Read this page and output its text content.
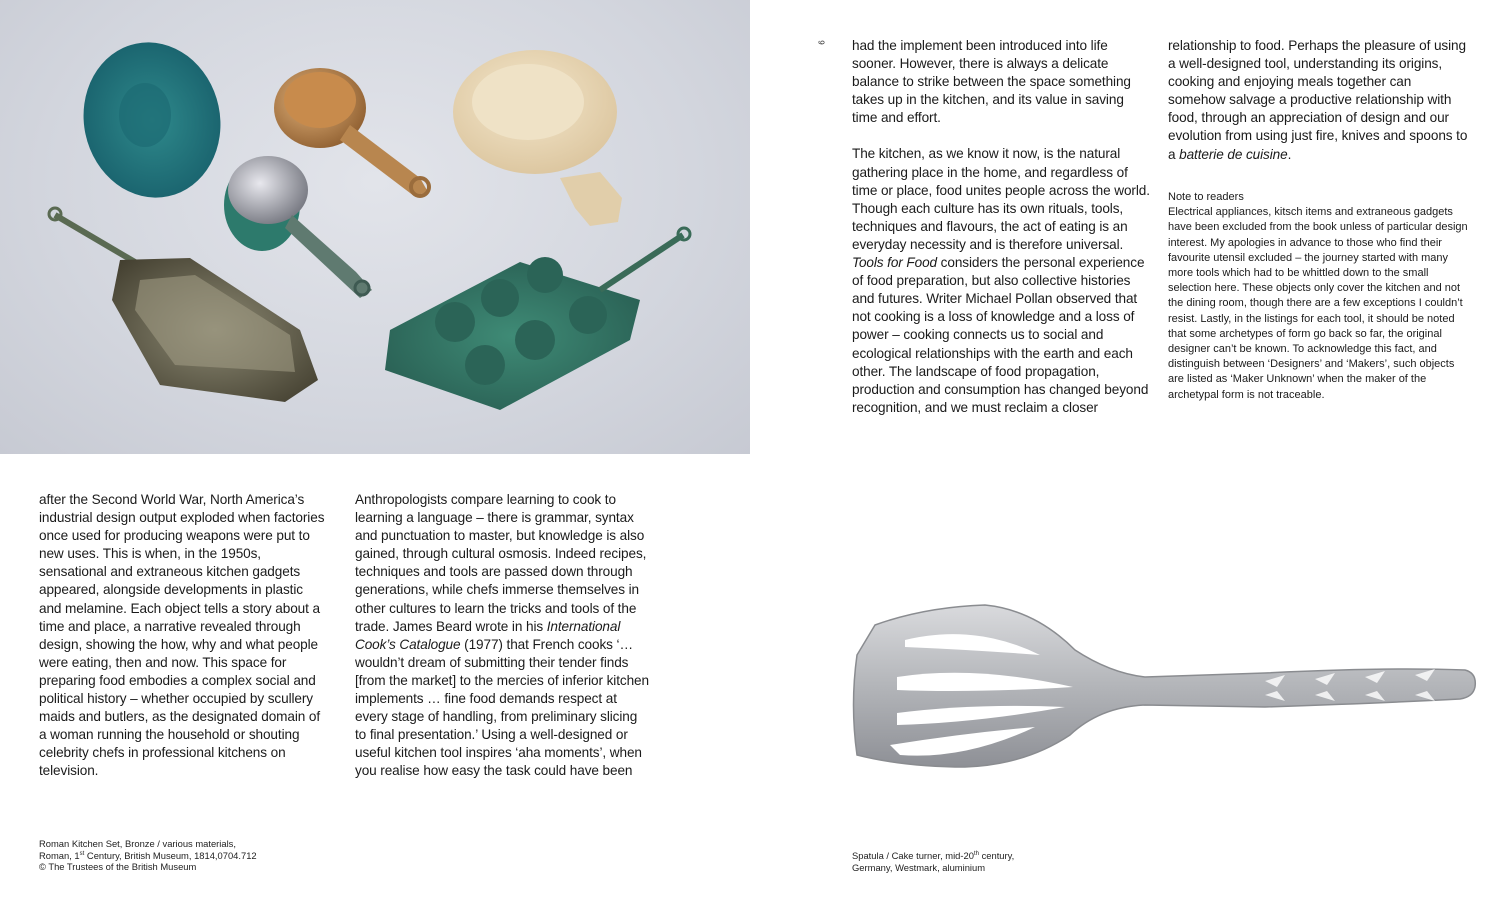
9 had the implement been introduced into life sooner. However, there is always a delicate balance to strike between the space something takes up in the kitchen, and its value in saving time and effort.

The kitchen, as we know it now, is the natural gathering place in the home, and regardless of time or place, food unites people across the world. Though each culture has its own rituals, tools, techniques and flavours, the act of eating is an everyday necessity and is therefore universal. Tools for Food considers the personal experience of food preparation, but also collective histories and futures. Writer Michael Pollan observed that not cooking is a loss of knowledge and a loss of power – cooking connects us to social and ecological relationships with the earth and each other. The landscape of food propagation, production and consumption has changed beyond recognition, and we must reclaim a closer

relationship to food. Perhaps the pleasure of using a well-designed tool, understanding its origins, cooking and enjoying meals together can somehow salvage a productive relationship with food, through an appreciation of design and our evolution from using just fire, knives and spoons to a batterie de cuisine.

Note to readers
Electrical appliances, kitsch items and extraneous gadgets have been excluded from the book unless of particular design interest. My apologies in advance to those who find their favourite utensil excluded – the journey started with many more tools which had to be whittled down to the small selection here. These objects only cover the kitchen and not the dining room, though there are a few exceptions I couldn’t resist. Lastly, in the listings for each tool, it should be noted that some archetypes of form go back so far, the original designer can’t be known. To acknowledge this fact, and distinguish between ‘Designers’ and ‘Makers’, such objects are listed as ‘Maker Unknown’ when the maker of the archetypal form is not traceable.

after the Second World War, North America’s industrial design output exploded when factories once used for producing weapons were put to new uses. This is when, in the 1950s, sensational and extraneous kitchen gadgets appeared, alongside developments in plastic and melamine. Each object tells a story about a time and place, a narrative revealed through design, showing the how, why and what people were eating, then and now. This space for preparing food embodies a complex social and political history – whether occupied by scullery maids and butlers, as the designated domain of a woman running the household or shouting celebrity chefs in professional kitchens on television.

Anthropologists compare learning to cook to learning a language – there is grammar, syntax and punctuation to master, but knowledge is also gained, through cultural osmosis. Indeed recipes, techniques and tools are passed down through generations, while chefs immerse themselves in other cultures to learn the tricks and tools of the trade. James Beard wrote in his International Cook’s Catalogue (1977) that French cooks ‘… wouldn’t dream of submitting their tender finds [from the market] to the mercies of inferior kitchen implements … fine food demands respect at every stage of handling, from preliminary slicing to final presentation.’ Using a well-designed or useful kitchen tool inspires ‘aha moments’, when you realise how easy the task could have been

Roman Kitchen Set, Bronze / various materials,
Roman, 1st Century, British Museum, 1814,0704.712
© The Trustees of the British Museum
Spatula / Cake turner, mid-20th century,
Germany, Westmark, aluminium
